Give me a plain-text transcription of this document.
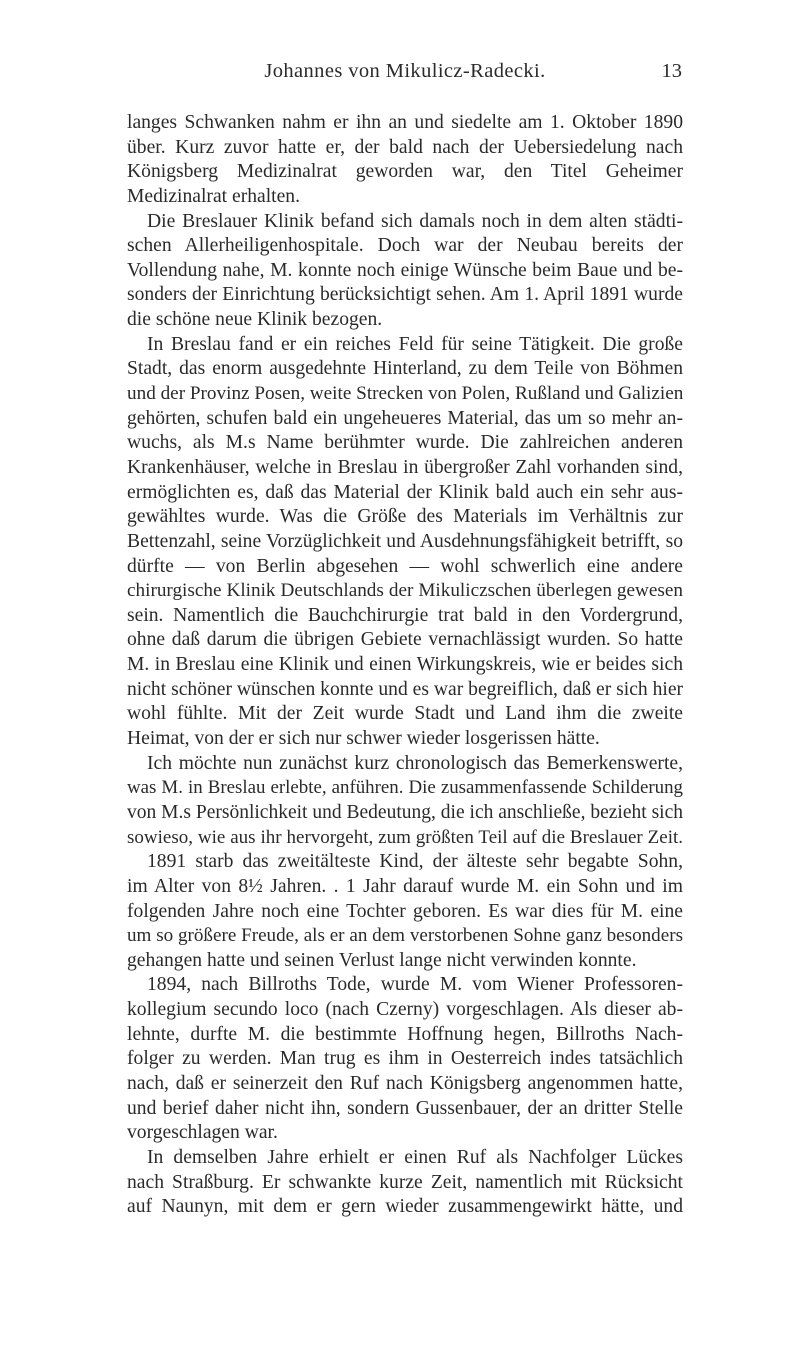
Johannes von Mikulicz-Radecki.	13
langes Schwanken nahm er ihn an und siedelte am 1. Oktober 1890
über. Kurz zuvor hatte er, der bald nach der Uebersiedelung nach
Königsberg Medizinalrat geworden war, den Titel Geheimer
Medizinalrat erhalten.
Die Breslauer Klinik befand sich damals noch in dem alten städti-
schen Allerheiligenhospitale. Doch war der Neubau bereits der
Vollendung nahe, M. konnte noch einige Wünsche beim Baue und be-
sonders der Einrichtung berücksichtigt sehen. Am 1. April 1891 wurde
die schöne neue Klinik bezogen.
In Breslau fand er ein reiches Feld für seine Tätigkeit. Die große
Stadt, das enorm ausgedehnte Hinterland, zu dem Teile von Böhmen
und der Provinz Posen, weite Strecken von Polen, Rußland und Galizien
gehörten, schufen bald ein ungeheueres Material, das um so mehr an-
wuchs, als M.s Name berühmter wurde. Die zahlreichen anderen
Krankenhäuser, welche in Breslau in übergroßer Zahl vorhanden sind,
ermöglichten es, daß das Material der Klinik bald auch ein sehr aus-
gewähltes wurde. Was die Größe des Materials im Verhältnis zur
Bettenzahl, seine Vorzüglichkeit und Ausdehnungsfähigkeit betrifft, so
dürfte — von Berlin abgesehen — wohl schwerlich eine andere
chirurgische Klinik Deutschlands der Mikuliczschen überlegen gewesen
sein. Namentlich die Bauchchirurgie trat bald in den Vordergrund,
ohne daß darum die übrigen Gebiete vernachlässigt wurden. So hatte
M. in Breslau eine Klinik und einen Wirkungskreis, wie er beides sich
nicht schöner wünschen konnte und es war begreiflich, daß er sich hier
wohl fühlte. Mit der Zeit wurde Stadt und Land ihm die zweite
Heimat, von der er sich nur schwer wieder losgerissen hätte.
Ich möchte nun zunächst kurz chronologisch das Bemerkenswerte,
was M. in Breslau erlebte, anführen. Die zusammenfassende Schilderung
von M.s Persönlichkeit und Bedeutung, die ich anschließe, bezieht sich
sowieso, wie aus ihr hervorgeht, zum größten Teil auf die Breslauer Zeit.
1891 starb das zweitälteste Kind, der älteste sehr begabte Sohn,
im Alter von 8½ Jahren. . 1 Jahr darauf wurde M. ein Sohn und im
folgenden Jahre noch eine Tochter geboren. Es war dies für M. eine
um so größere Freude, als er an dem verstorbenen Sohne ganz besonders
gehangen hatte und seinen Verlust lange nicht verwinden konnte.
1894, nach Billroths Tode, wurde M. vom Wiener Professoren-
kollegium secundo loco (nach Czerny) vorgeschlagen. Als dieser ab-
lehnte, durfte M. die bestimmte Hoffnung hegen, Billroths Nach-
folger zu werden. Man trug es ihm in Oesterreich indes tatsächlich
nach, daß er seinerzeit den Ruf nach Königsberg angenommen hatte,
und berief daher nicht ihn, sondern Gussenbauer, der an dritter Stelle
vorgeschlagen war.
In demselben Jahre erhielt er einen Ruf als Nachfolger Lückes
nach Straßburg. Er schwankte kurze Zeit, namentlich mit Rücksicht
auf Naunyn, mit dem er gern wieder zusammengewirkt hätte, und
